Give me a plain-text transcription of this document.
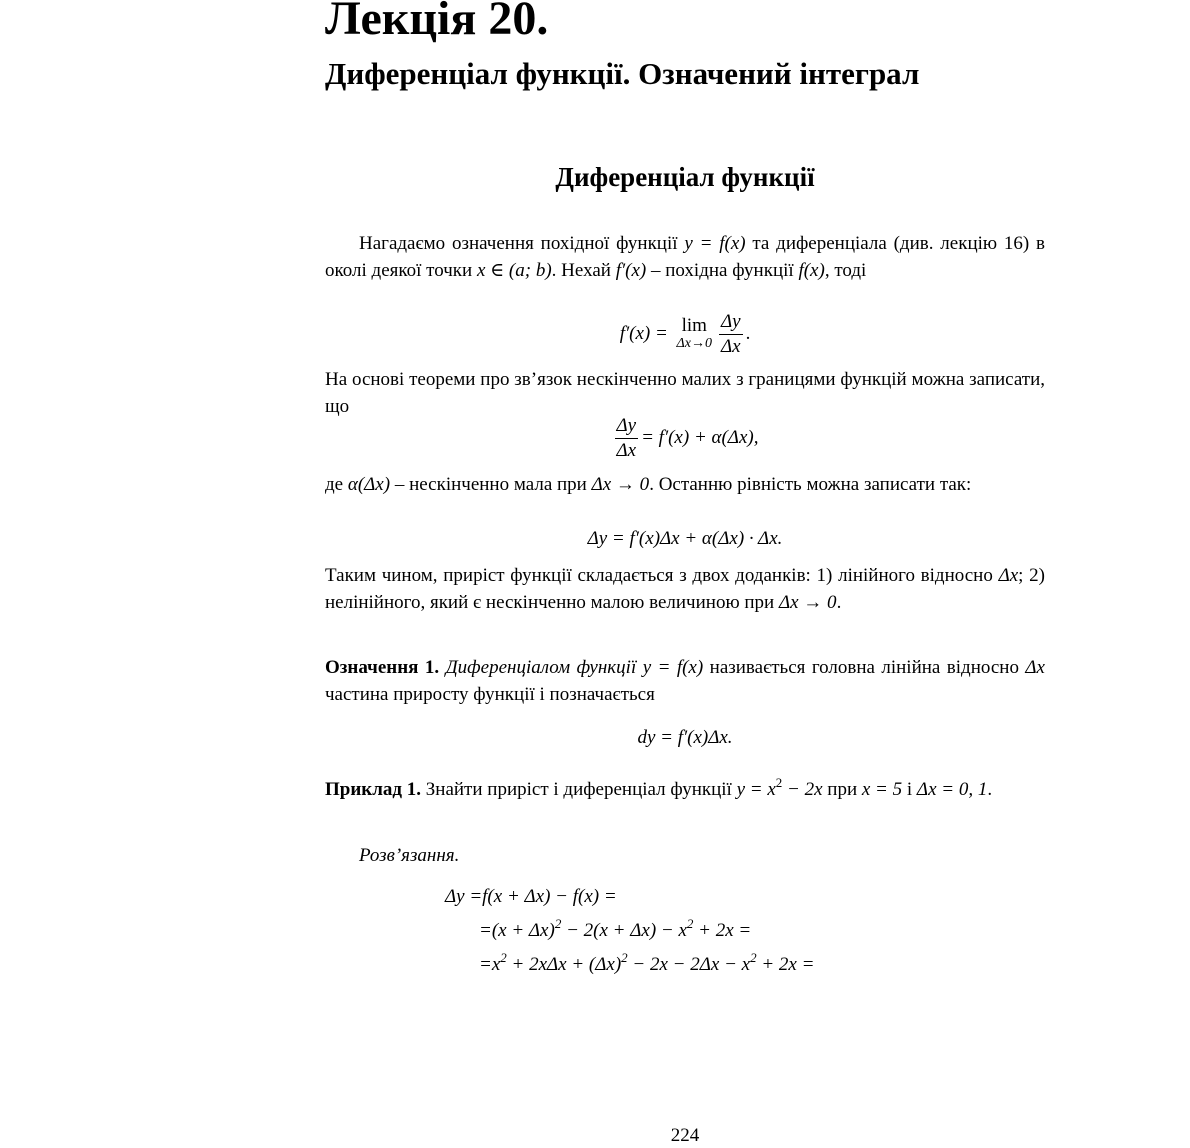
Лекція 20.
Диференціал функції. Означений інтеграл
Диференціал функції

Нагадаємо означення похідної функції y = f(x) та диференціала (див. лекцію 16) в околі деякої точки x ∈ (a; b). Нехай f′(x) – похідна функції f(x), тоді

f′(x) = lim
$\Delta x\to 0 \frac{\Delta y}{\Delta x}$ .

На основі теореми про зв’язок нескінченно малих з границями функцій можна записати, що

$\frac{\Delta y}{\Delta x} = f'(x) + \alpha(\Delta x)$,

де α(Δx) – нескінченно мала при Δx → 0. Останню рівність можна записати так:

Δy = f′(x)Δx + α(Δx) · Δx.

Таким чином, приріст функції складається з двох доданків: 1) лінійного відносно Δx; 2) нелінійного, який є нескінченно малою величиною при Δx → 0.

Означення 1. Диференціалом функції y = f(x) називається головна лінійна відносно Δx частина приросту функції і позначається

dy = f′(x)Δx.

Приклад 1. Знайти приріст і диференціал функції $y = x^2 - 2x$ при x = 5 і Δx = 0, 1.

Розв’язання.

Δy =f(x + Δx) − f(x) =
$=(x + \Delta x)^2 - 2(x + \Delta x) - x^2 + 2x$ =
$=x^2 + 2x\Delta x + (\Delta x)^2 - 2x - 2\Delta x - x^2 + 2x$ =
224
